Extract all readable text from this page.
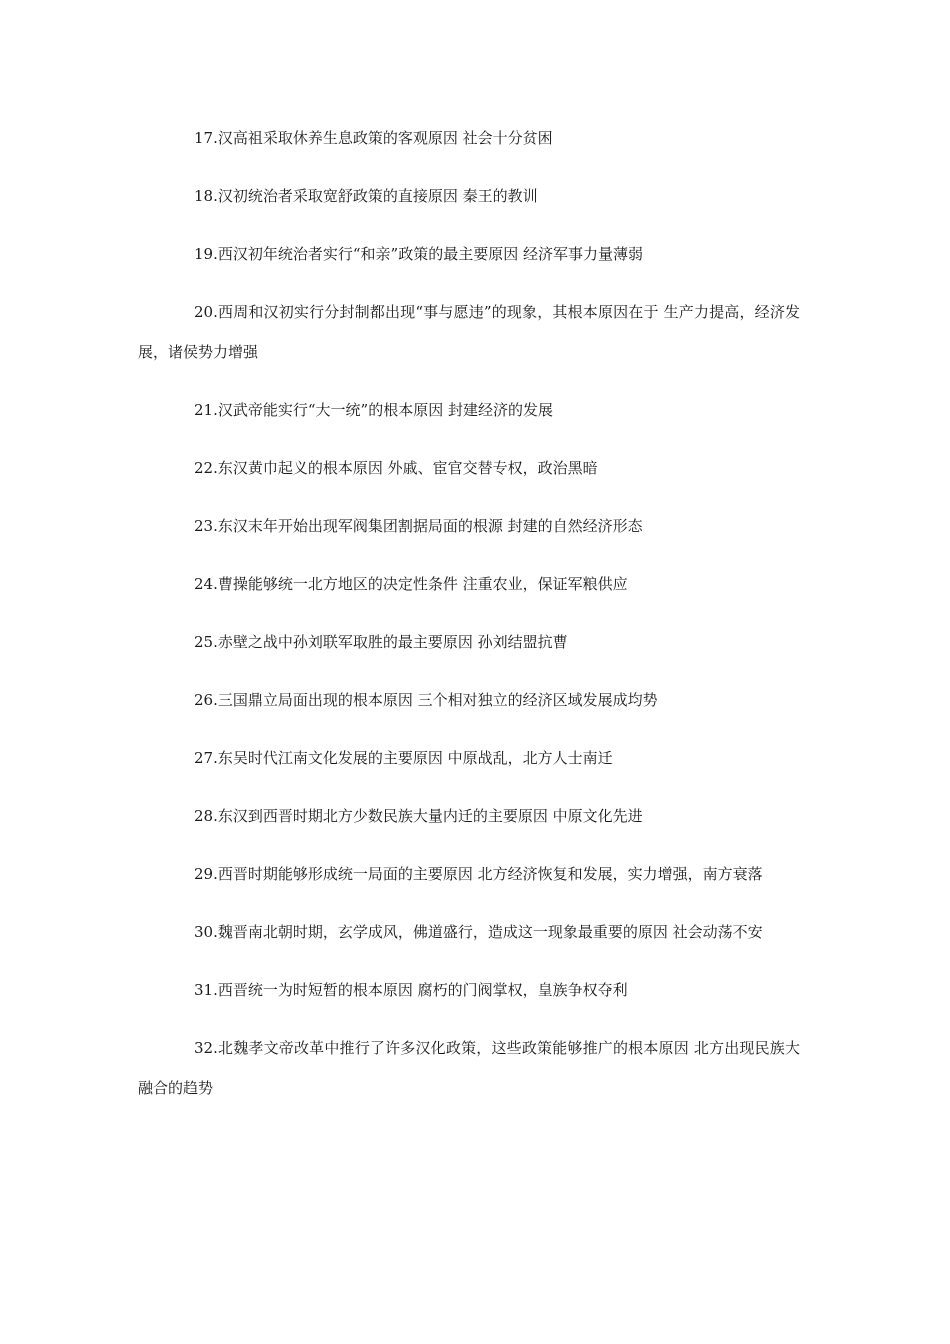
17.汉高祖采取休养生息政策的客观原因 社会十分贫困

18.汉初统治者采取宽舒政策的直接原因 秦王的教训

19.西汉初年统治者实行“和亲”政策的最主要原因 经济军事力量薄弱

20.西周和汉初实行分封制都出现“事与愿违”的现象，其根本原因在于 生产力提高，经济发展，诸侯势力增强

21.汉武帝能实行“大一统”的根本原因 封建经济的发展

22.东汉黄巾起义的根本原因 外戚、宦官交替专权，政治黑暗

23.东汉末年开始出现军阀集团割据局面的根源 封建的自然经济形态

24.曹操能够统一北方地区的决定性条件 注重农业，保证军粮供应

25.赤壁之战中孙刘联军取胜的最主要原因 孙刘结盟抗曹

26.三国鼎立局面出现的根本原因 三个相对独立的经济区域发展成均势

27.东吴时代江南文化发展的主要原因 中原战乱，北方人士南迁

28.东汉到西晋时期北方少数民族大量内迁的主要原因 中原文化先进

29.西晋时期能够形成统一局面的主要原因 北方经济恢复和发展，实力增强，南方衰落

30.魏晋南北朝时期，玄学成风，佛道盛行，造成这一现象最重要的原因 社会动荡不安

31.西晋统一为时短暂的根本原因 腐朽的门阀掌权，皇族争权夺利

32.北魏孝文帝改革中推行了许多汉化政策，这些政策能够推广的根本原因 北方出现民族大融合的趋势
